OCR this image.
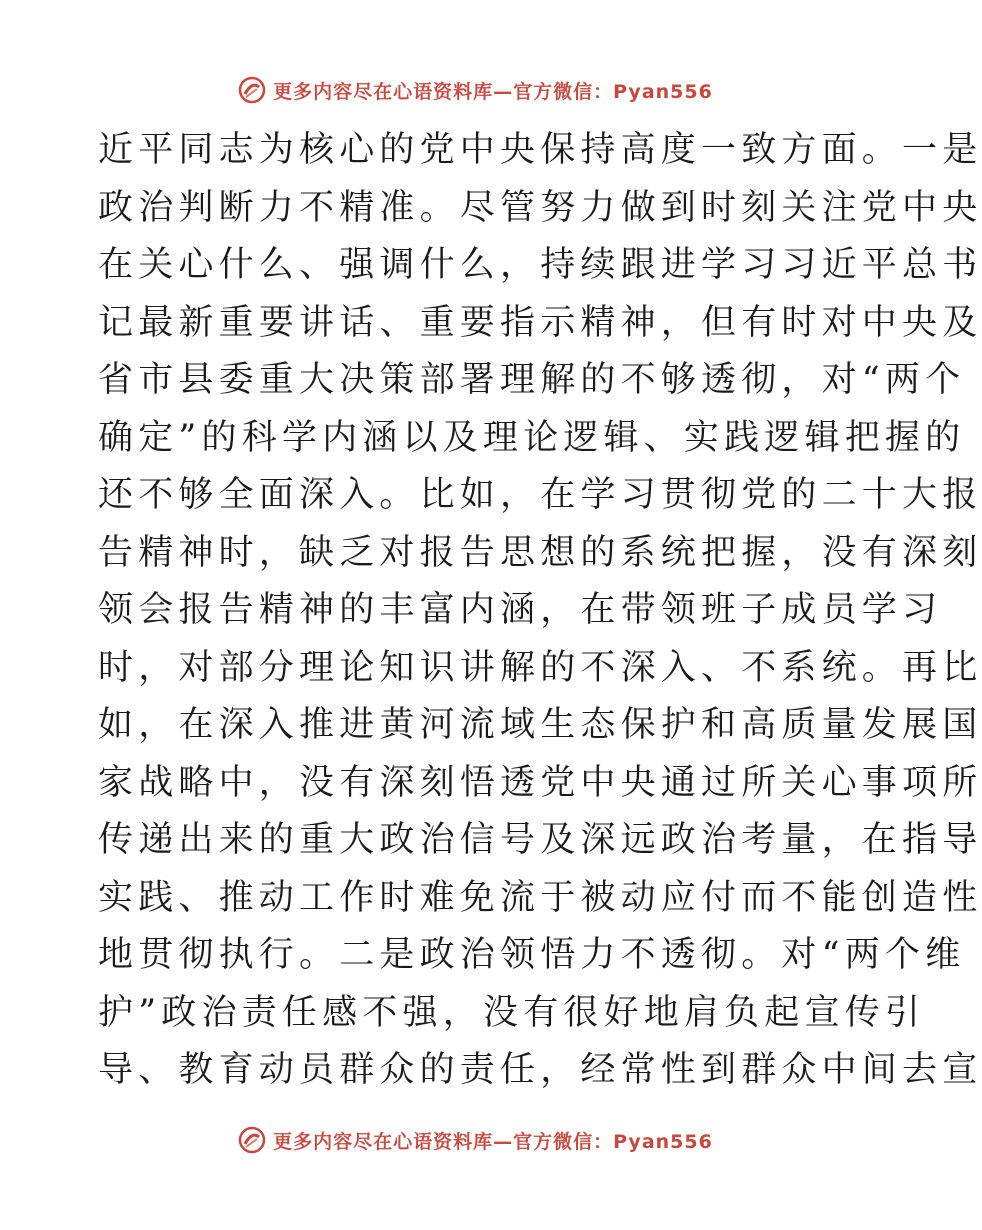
更多内容尽在心语资料库—官方微信：Pyan556
近平同志为核心的党中央保持高度一致方面。一是
政治判断力不精准。尽管努力做到时刻关注党中央
在关心什么、强调什么，持续跟进学习习近平总书
记最新重要讲话、重要指示精神，但有时对中央及
省市县委重大决策部署理解的不够透彻，对“两个
确定”的科学内涵以及理论逻辑、实践逻辑把握的
还不够全面深入。比如，在学习贯彻党的二十大报
告精神时，缺乏对报告思想的系统把握，没有深刻
领会报告精神的丰富内涵，在带领班子成员学习
时，对部分理论知识讲解的不深入、不系统。再比
如，在深入推进黄河流域生态保护和高质量发展国
家战略中，没有深刻悟透党中央通过所关心事项所
传递出来的重大政治信号及深远政治考量，在指导
实践、推动工作时难免流于被动应付而不能创造性
地贯彻执行。二是政治领悟力不透彻。对“两个维
护”政治责任感不强，没有很好地肩负起宣传引
导、教育动员群众的责任，经常性到群众中间去宣
更多内容尽在心语资料库—官方微信：Pyan556
